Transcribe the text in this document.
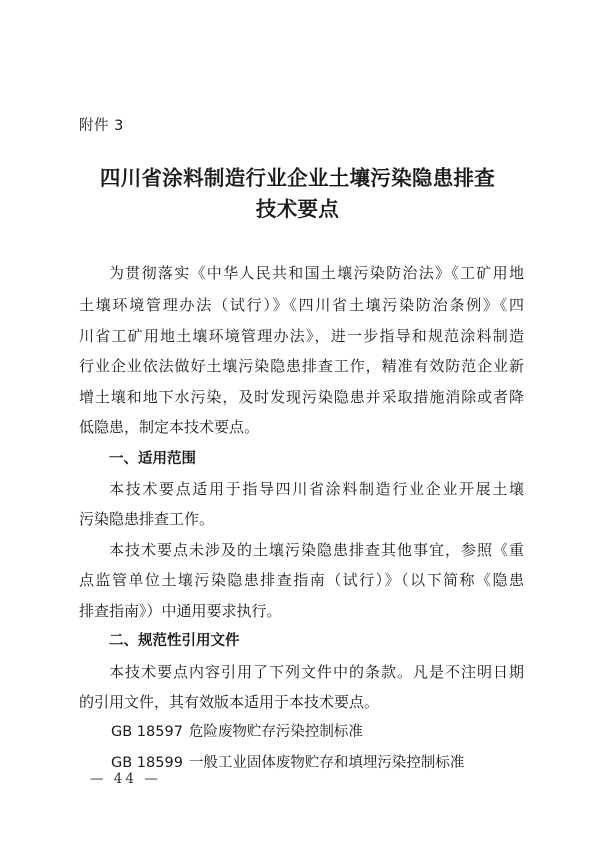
附件 3
四川省涂料制造行业企业土壤污染隐患排查
技术要点
为贯彻落实《中华人民共和国土壤污染防治法》《工矿用地
土壤环境管理办法（试行）》《四川省土壤污染防治条例》《四
川省工矿用地土壤环境管理办法》，进一步指导和规范涂料制造
行业企业依法做好土壤污染隐患排查工作，精准有效防范企业新
增土壤和地下水污染，及时发现污染隐患并采取措施消除或者降
低隐患，制定本技术要点。
一、适用范围
本技术要点适用于指导四川省涂料制造行业企业开展土壤
污染隐患排查工作。
本技术要点未涉及的土壤污染隐患排查其他事宜，参照《重
点监管单位土壤污染隐患排查指南（试行）》（以下简称《隐患
排查指南》）中通用要求执行。
二、规范性引用文件
本技术要点内容引用了下列文件中的条款。凡是不注明日期
的引用文件，其有效版本适用于本技术要点。
GB 18597 危险废物贮存污染控制标准
GB 18599 一般工业固体废物贮存和填埋污染控制标准
— 44 —
